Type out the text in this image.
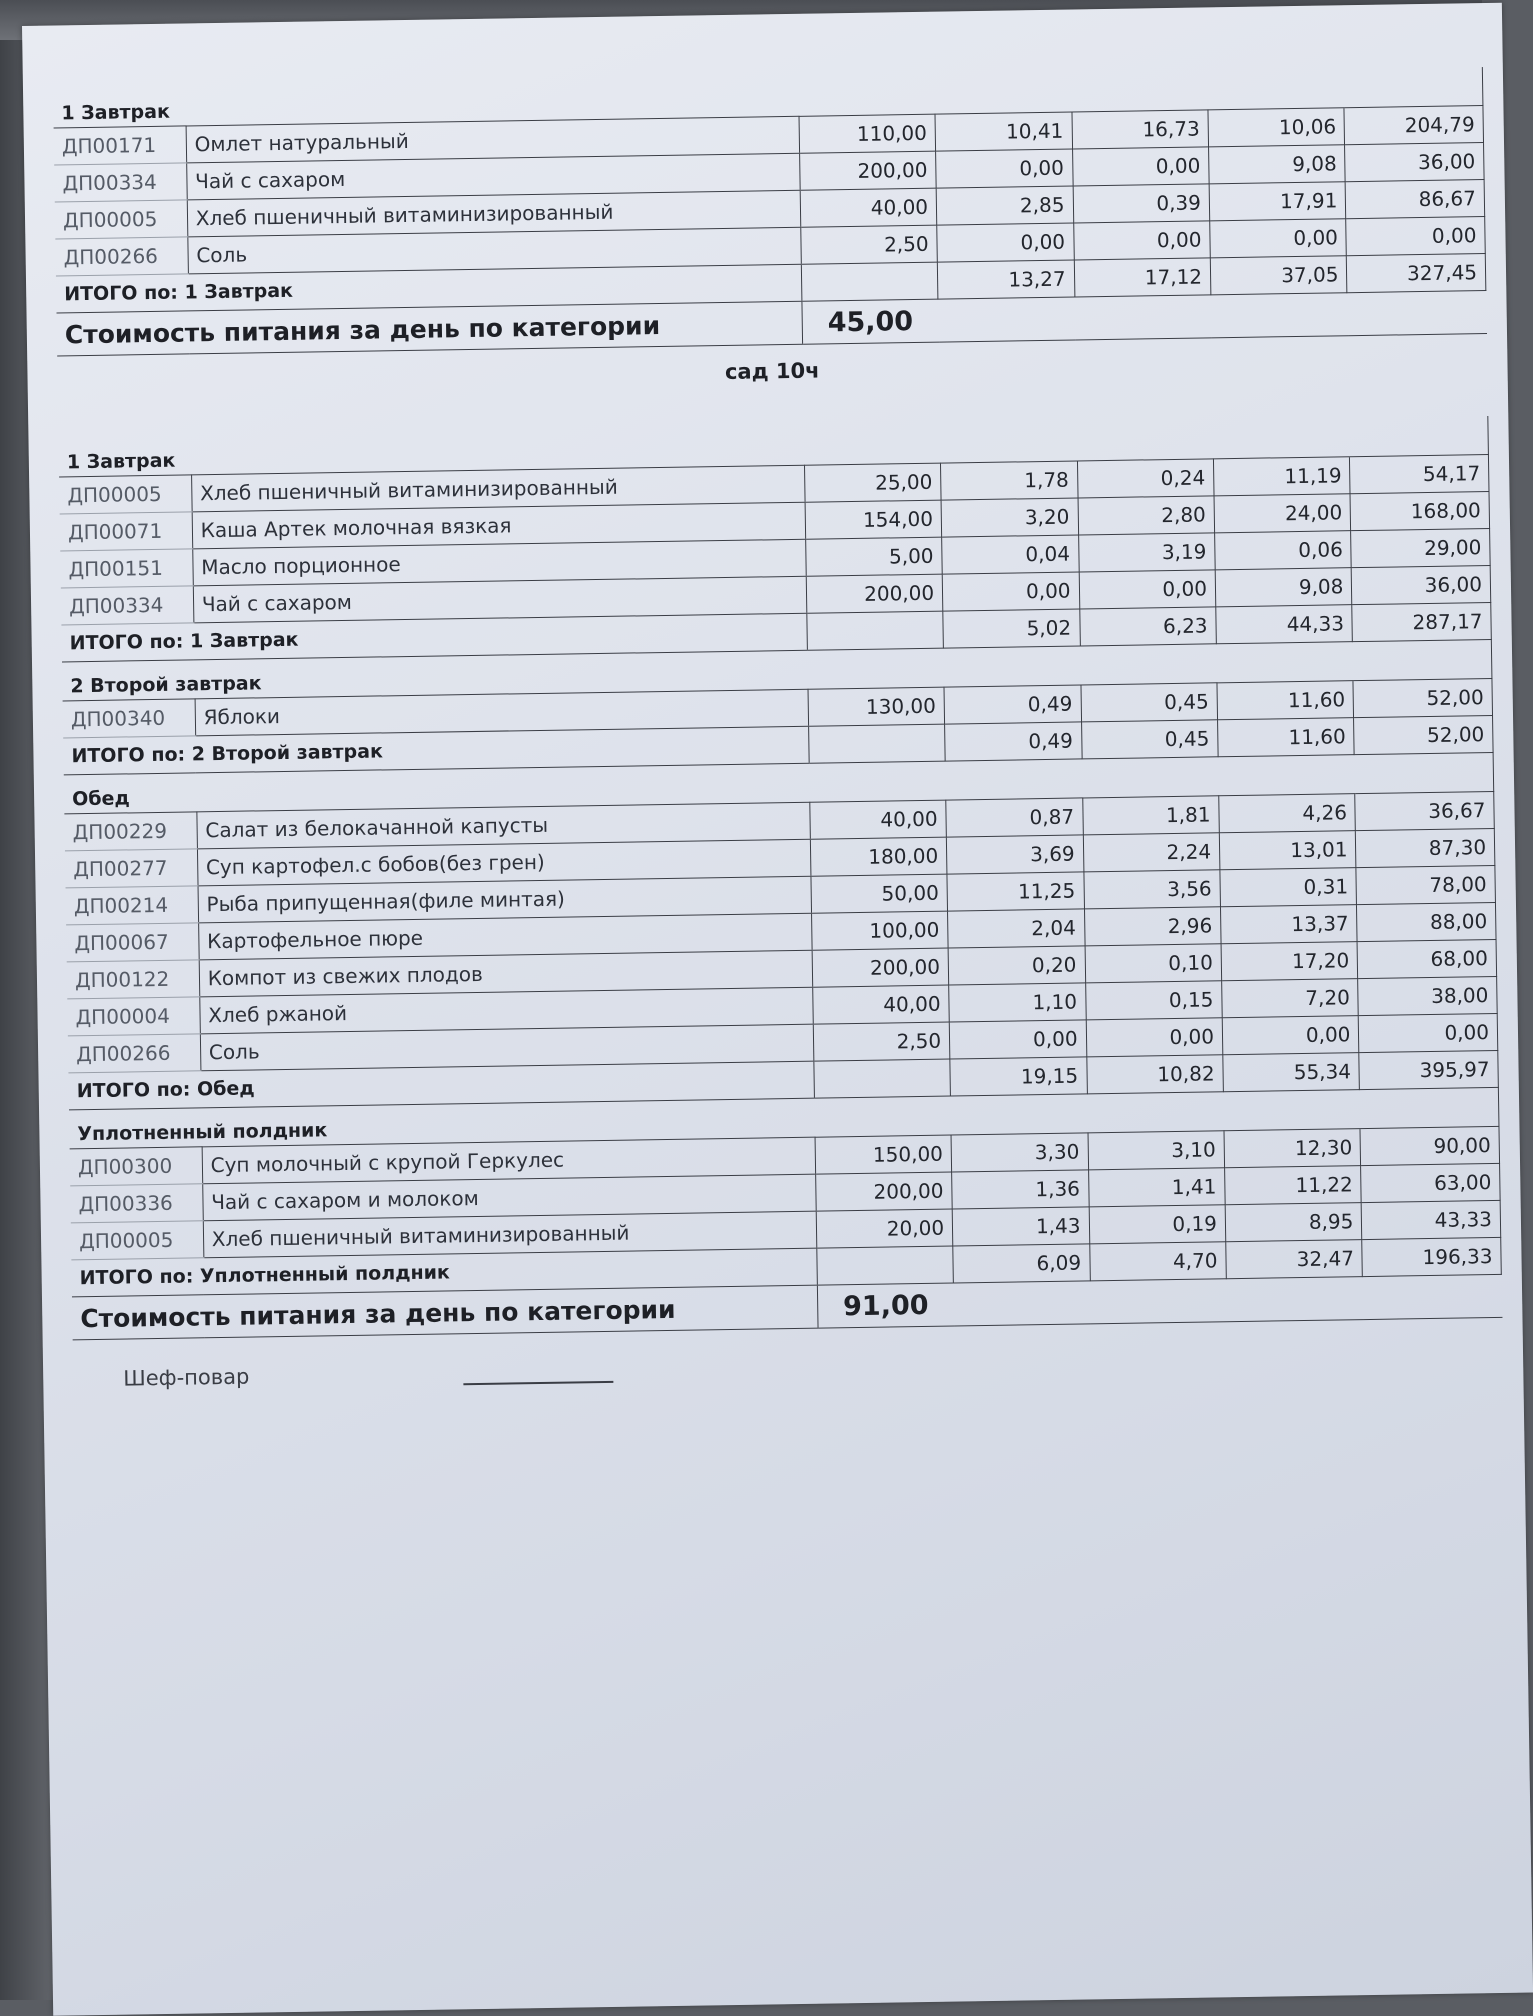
1 Завтрак						
ДП00171	Омлет натуральный	110,00	10,41	16,73	10,06	204,79
ДП00334	Чай с сахаром	200,00	0,00	0,00	9,08	36,00
ДП00005	Хлеб пшеничный витаминизированный	40,00	2,85	0,39	17,91	86,67
ДП00266	Соль	2,50	0,00	0,00	0,00	0,00
ИТОГО по: 1 Завтрак			13,27	17,12	37,05	327,45
Стоимость питания за день по категории		45,00				
сад 10ч						
1 Завтрак						
ДП00005	Хлеб пшеничный витаминизированный	25,00	1,78	0,24	11,19	54,17
ДП00071	Каша Артек молочная вязкая	154,00	3,20	2,80	24,00	168,00
ДП00151	Масло порционное	5,00	0,04	3,19	0,06	29,00
ДП00334	Чай с сахаром	200,00	0,00	0,00	9,08	36,00
ИТОГО по: 1 Завтрак			5,02	6,23	44,33	287,17
2 Второй завтрак						
ДП00340	Яблоки	130,00	0,49	0,45	11,60	52,00
ИТОГО по: 2 Второй завтрак			0,49	0,45	11,60	52,00
Обед						
ДП00229	Салат из белокачанной капусты	40,00	0,87	1,81	4,26	36,67
ДП00277	Суп картофел.с бобов(без грен)	180,00	3,69	2,24	13,01	87,30
ДП00214	Рыба припущенная(филе минтая)	50,00	11,25	3,56	0,31	78,00
ДП00067	Картофельное пюре	100,00	2,04	2,96	13,37	88,00
ДП00122	Компот из свежих плодов	200,00	0,20	0,10	17,20	68,00
ДП00004	Хлеб ржаной	40,00	1,10	0,15	7,20	38,00
ДП00266	Соль	2,50	0,00	0,00	0,00	0,00
ИТОГО по: Обед			19,15	10,82	55,34	395,97
Уплотненный полдник						
ДП00300	Суп молочный с крупой Геркулес	150,00	3,30	3,10	12,30	90,00
ДП00336	Чай с сахаром и молоком	200,00	1,36	1,41	11,22	63,00
ДП00005	Хлеб пшеничный витаминизированный	20,00	1,43	0,19	8,95	43,33
ИТОГО по: Уплотненный полдник			6,09	4,70	32,47	196,33
Стоимость питания за день по категории		91,00				
Шеф-повар
